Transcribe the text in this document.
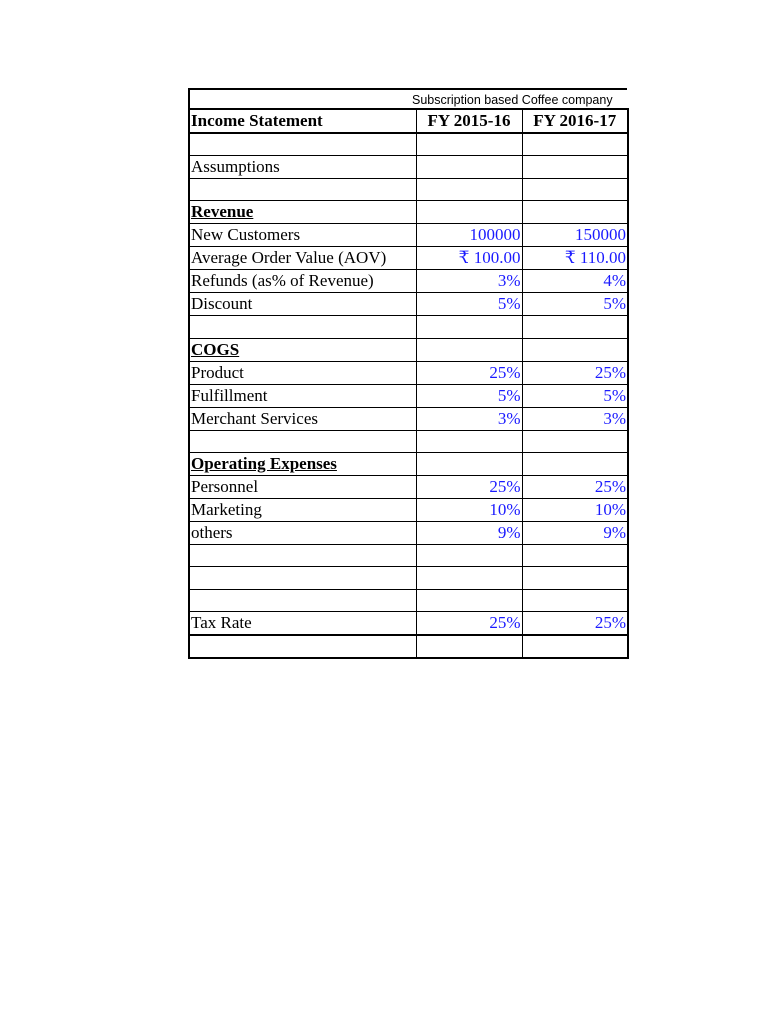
Subscription based Coffee company
Income Statement	FY 2015-16	FY 2016-17

Assumptions		

Revenue		
New Customers	100000	150000
Average Order Value (AOV)	₹ 100.00	₹ 110.00
Refunds (as% of Revenue)	3%	4%
Discount	5%	5%

COGS		
Product	25%	25%
Fulfillment	5%	5%
Merchant Services	3%	3%

Operating Expenses		
Personnel	25%	25%
Marketing	10%	10%
others	9%	9%

Tax Rate	25%	25%
